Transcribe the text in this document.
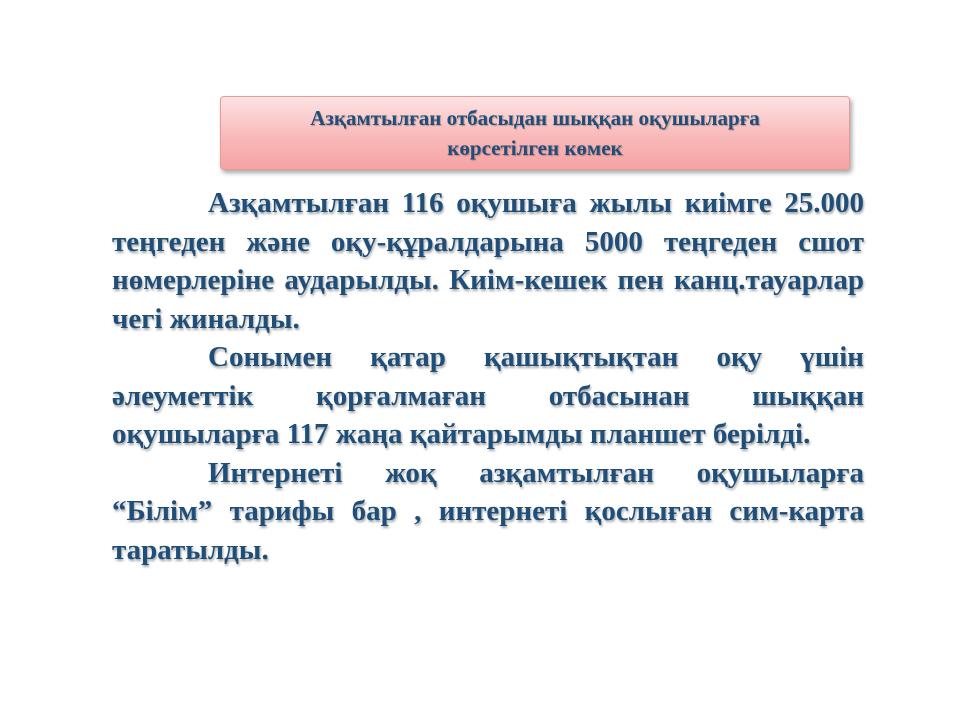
Азқамтылған отбасыдан шыққан оқушыларға
көрсетілген көмек

Азқамтылған 116 оқушыға жылы киімге 25.000 теңгеден және оқу-құралдарына 5000 теңгеден сшот нөмерлеріне аударылды. Киім-кешек пен канц.тауарлар чегі жиналды.

Сонымен қатар қашықтықтан оқу үшін әлеуметтік қорғалмаған отбасынан шыққан оқушыларға 117 жаңа қайтарымды планшет берілді.

Интернеті жоқ азқамтылған оқушыларға “Білім” тарифы бар , интернеті қослыған сим-карта таратылды.
